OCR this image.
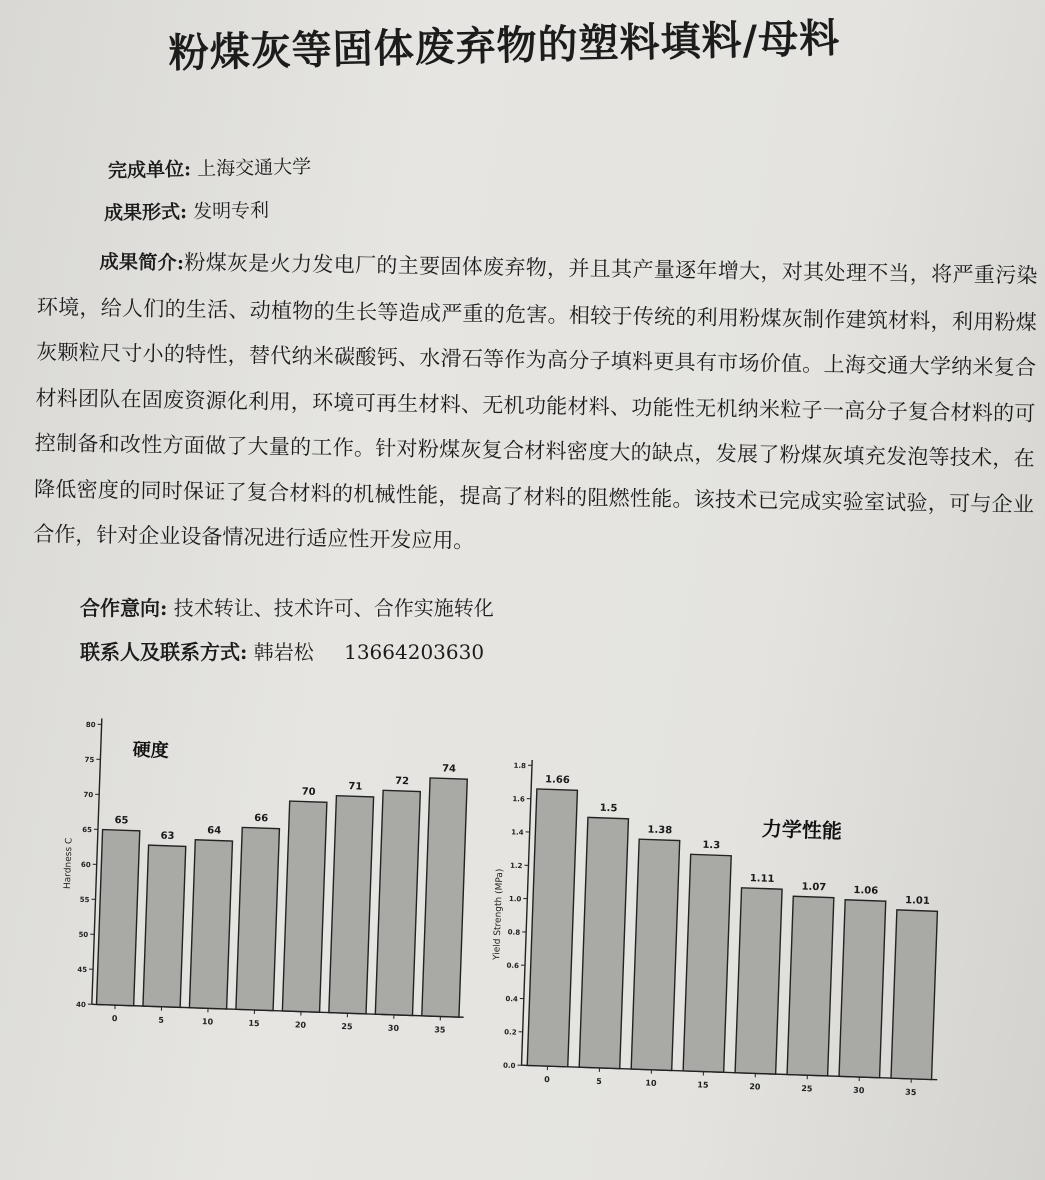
粉煤灰等固体废弃物的塑料填料/母料
完成单位: 上海交通大学
成果形式: 发明专利
成果简介:粉煤灰是火力发电厂的主要固体废弃物，并且其产量逐年增大，对其处理不当，将严重污染环境，给人们的生活、动植物的生长等造成严重的危害。相较于传统的利用粉煤灰制作建筑材料，利用粉煤灰颗粒尺寸小的特性，替代纳米碳酸钙、水滑石等作为高分子填料更具有市场价值。上海交通大学纳米复合材料团队在固废资源化利用，环境可再生材料、无机功能材料、功能性无机纳米粒子一高分子复合材料的可控制备和改性方面做了大量的工作。针对粉煤灰复合材料密度大的缺点，发展了粉煤灰填充发泡等技术，在降低密度的同时保证了复合材料的机械性能，提高了材料的阻燃性能。该技术已完成实验室试验，可与企业合作，针对企业设备情况进行适应性开发应用。
合作意向: 技术转让、技术许可、合作实施转化
联系人及联系方式: 韩岩松 13664203630
40
45
50
55
60
65
70
75
80
Hardness C
65
0
63
5
64
10
66
15
70
20
71
25
72
30
74
35
硬度
0.0
0.2
0.4
0.6
0.8
1.0
1.2
1.4
1.6
1.8
Yield Strength (MPa)
1.66
0
1.5
5
1.38
10
1.3
15
1.11
20
1.07
25
1.06
30
1.01
35
力学性能
